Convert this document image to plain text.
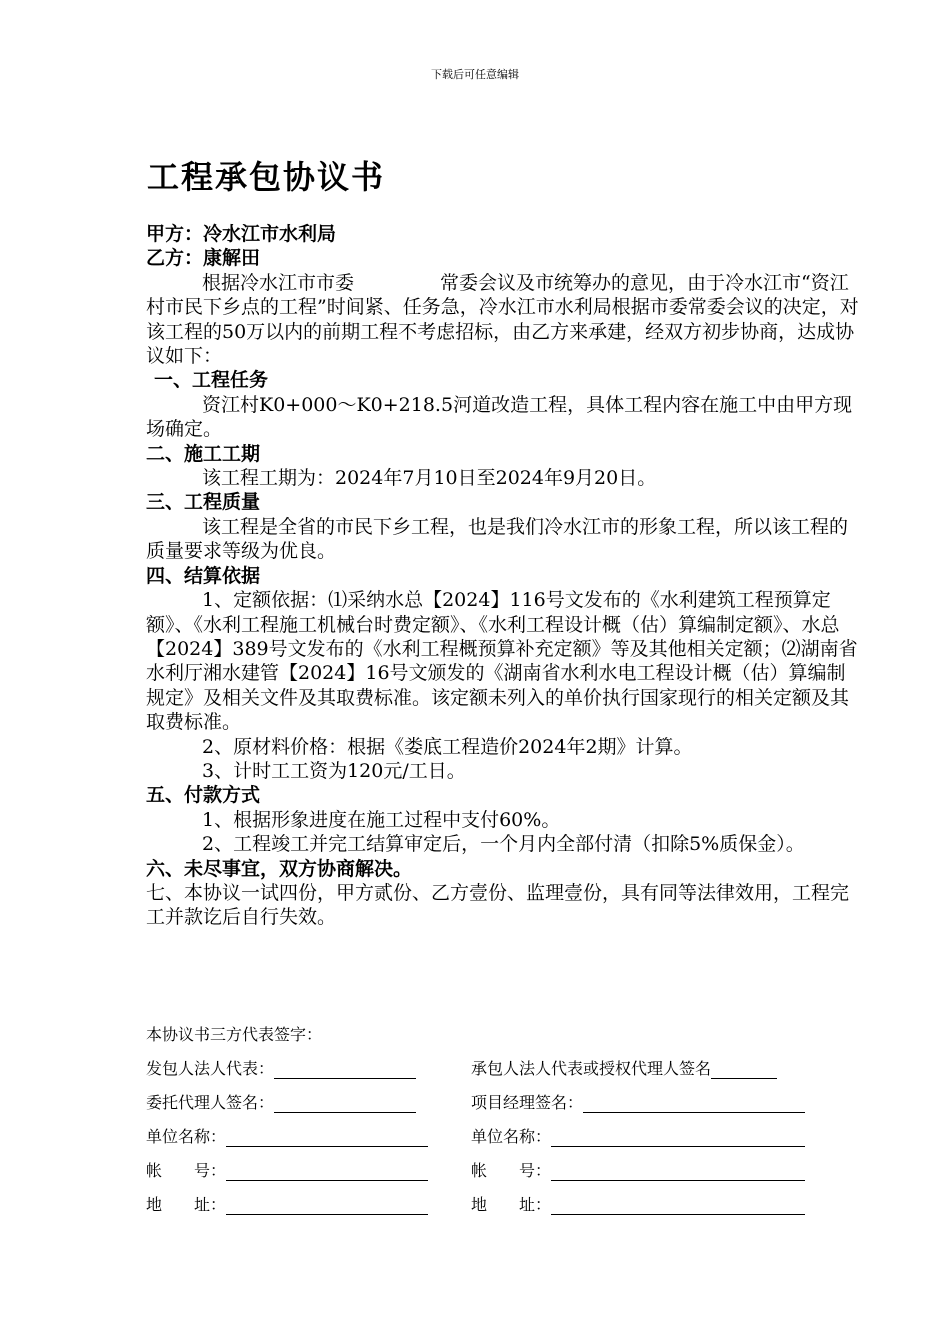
下载后可任意编辑
工程承包协议书

甲方：冷水江市水利局

乙方：康解田

根据冷水江市市委	常委会议及市统筹办的意见，由于冷水江市“资江村市民下乡点的工程”时间紧、任务急，冷水江市水利局根据市委常委会议的决定，对该工程的50万以内的前期工程不考虑招标，由乙方来承建，经双方初步协商，达成协议如下：

一、工程任务

资江村K0+000～K0+218.5河道改造工程，具体工程内容在施工中由甲方现场确定。

二、施工工期

该工程工期为：2024年7月10日至2024年9月20日。

三、工程质量

该工程是全省的市民下乡工程，也是我们冷水江市的形象工程，所以该工程的质量要求等级为优良。

四、结算依据

1、定额依据：⑴采纳水总【2024】116号文发布的《水利建筑工程预算定额》、《水利工程施工机械台时费定额》、《水利工程设计概（估）算编制定额》、水总【2024】389号文发布的《水利工程概预算补充定额》等及其他相关定额；⑵湖南省水利厅湘水建管【2024】16号文颁发的《湖南省水利水电工程设计概（估）算编制规定》及相关文件及其取费标准。该定额未列入的单价执行国家现行的相关定额及其取费标准。

2、原材料价格：根据《娄底工程造价2024年2期》计算。

3、计时工工资为120元/工日。

五、付款方式

1、根据形象进度在施工过程中支付60%。

2、工程竣工并完工结算审定后，一个月内全部付清（扣除5%质保金）。

六、未尽事宜，双方协商解决。

七、本协议一试四份，甲方贰份、乙方壹份、监理壹份，具有同等法律效用，工程完工并款讫后自行失效。

本协议书三方代表签字：

发包人法人代表：	承包人法人代表或授权代理人签名
委托代理人签名：	项目经理签名：
单位名称：	单位名称：
帐　　号：	帐　　号：
地　　址：	地　　址：
